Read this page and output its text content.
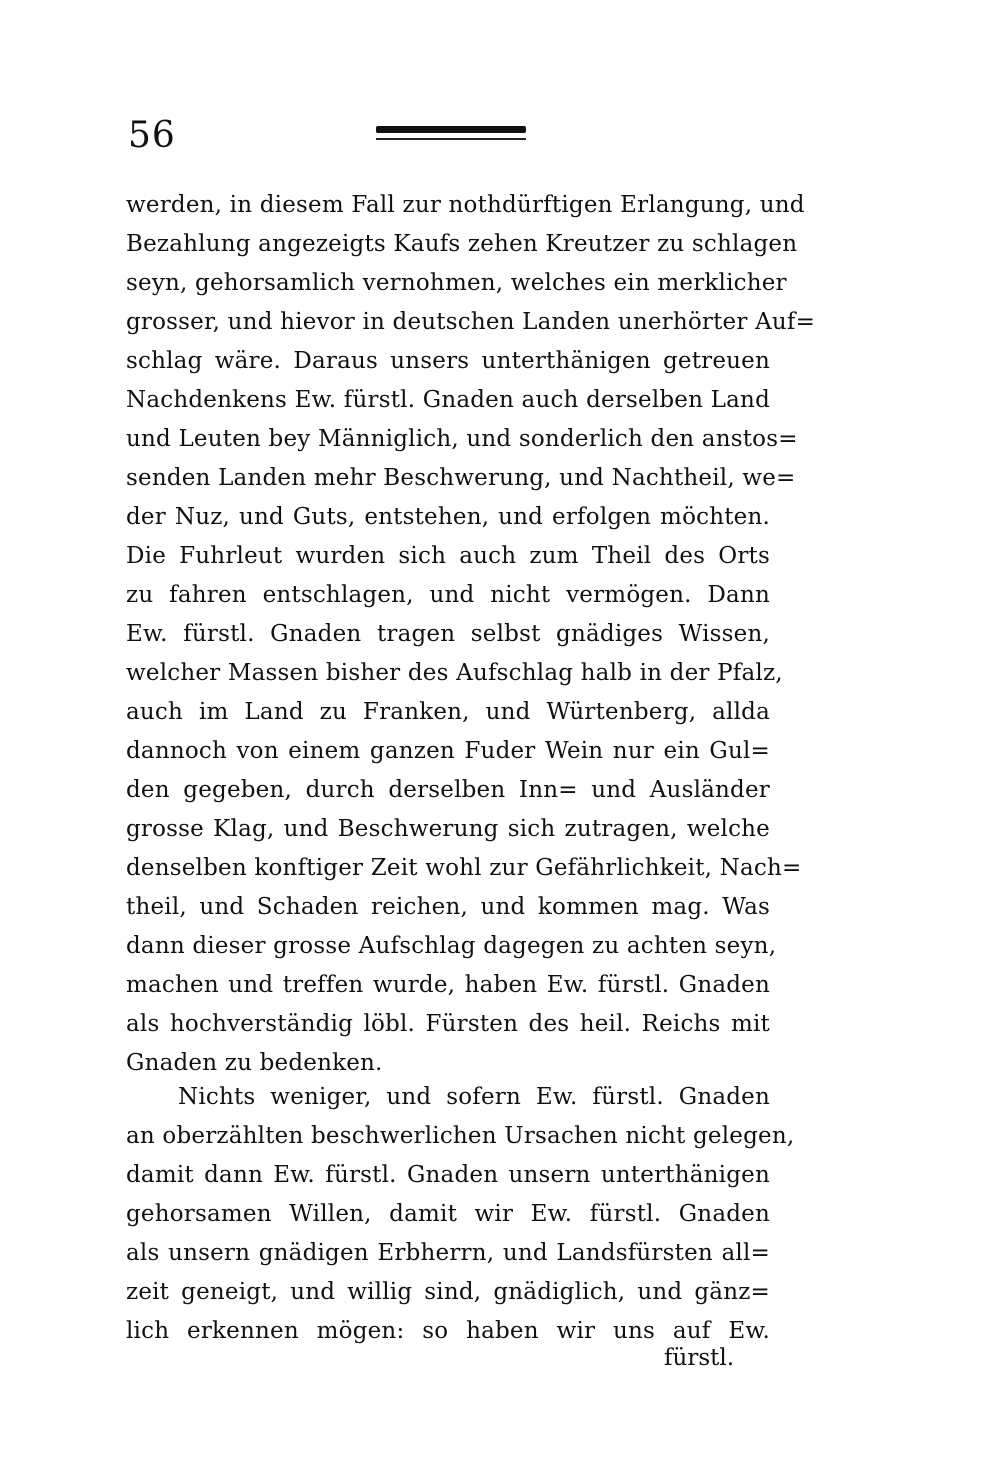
56
werden, in diesem Fall zur nothdürftigen Erlangung, und
Bezahlung angezeigts Kaufs zehen Kreutzer zu schlagen
seyn, gehorsamlich vernohmen, welches ein merklicher
grosser, und hievor in deutschen Landen unerhörter Auf=
schlag wäre. Daraus unsers unterthänigen getreuen
Nachdenkens Ew. fürstl. Gnaden auch derselben Land
und Leuten bey Männiglich, und sonderlich den anstos=
senden Landen mehr Beschwerung, und Nachtheil, we=
der Nuz, und Guts, entstehen, und erfolgen möchten.
Die Fuhrleut wurden sich auch zum Theil des Orts
zu fahren entschlagen, und nicht vermögen. Dann
Ew. fürstl. Gnaden tragen selbst gnädiges Wissen,
welcher Massen bisher des Aufschlag halb in der Pfalz,
auch im Land zu Franken, und Würtenberg, allda
dannoch von einem ganzen Fuder Wein nur ein Gul=
den gegeben, durch derselben Inn= und Ausländer
grosse Klag, und Beschwerung sich zutragen, welche
denselben konftiger Zeit wohl zur Gefährlichkeit, Nach=
theil, und Schaden reichen, und kommen mag. Was
dann dieser grosse Aufschlag dagegen zu achten seyn,
machen und treffen wurde, haben Ew. fürstl. Gnaden
als hochverständig löbl. Fürsten des heil. Reichs mit
Gnaden zu bedenken.
Nichts weniger, und sofern Ew. fürstl. Gnaden
an oberzählten beschwerlichen Ursachen nicht gelegen,
damit dann Ew. fürstl. Gnaden unsern unterthänigen
gehorsamen Willen, damit wir Ew. fürstl. Gnaden
als unsern gnädigen Erbherrn, und Landsfürsten all=
zeit geneigt, und willig sind, gnädiglich, und gänz=
lich erkennen mögen: so haben wir uns auf Ew.
fürstl.
